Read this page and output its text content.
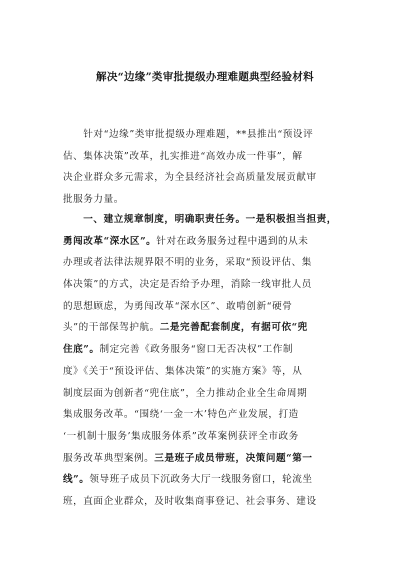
解决“边缘”类审批提级办理难题典型经验材料
　　针对“边缘”类审批提级办理难题，**县推出“预设评
估、集体决策”改革，扎实推进“高效办成一件事”，解
决企业群众多元需求，为全县经济社会高质量发展贡献审
批服务力量。
　　一、建立规章制度，明确职责任务。一是积极担当担责，
勇闯改革“深水区”。针对在政务服务过程中遇到的从未
办理或者法律法规界限不明的业务，采取“预设评估、集
体决策”的方式，决定是否给予办理，消除一线审批人员
的思想顾虑，为勇闯改革“深水区”、敢啃创新“硬骨
头”的干部保驾护航。二是完善配套制度，有据可依“兜
住底”。制定完善《政务服务“窗口无否决权”工作制
度》《关于“预设评估、集体决策”的实施方案》等，从
制度层面为创新者“兜住底”，全力推动企业全生命周期
集成服务改革。“围绕‘一金一木’特色产业发展，打造
‘一机制十服务’集成服务体系”改革案例获评全市政务
服务改革典型案例。三是班子成员带班，决策问题“第一
线”。领导班子成员下沉政务大厅一线服务窗口，轮流坐
班，直面企业群众，及时收集商事登记、社会事务、建设
